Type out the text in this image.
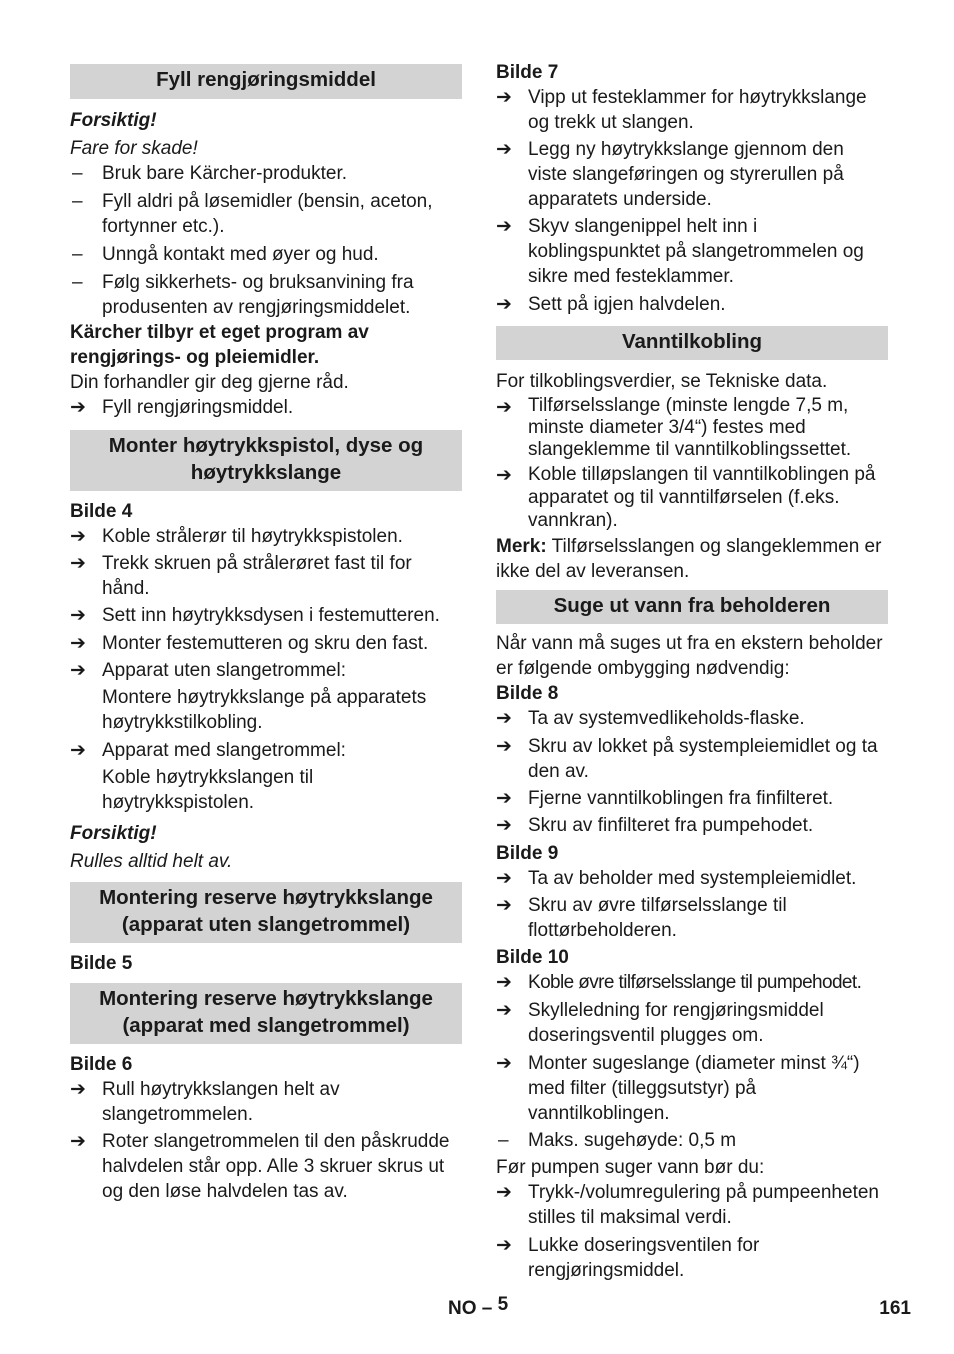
Fyll rengjøringsmiddel
Forsiktig!
Fare for skade!
–	Bruk bare Kärcher-produkter.
–	Fyll aldri på løsemidler (bensin, aceton, fortynner etc.).
–	Unngå kontakt med øyer og hud.
–	Følg sikkerhets- og bruksanvining fra produsenten av rengjøringsmiddelet.
Kärcher tilbyr et eget program av rengjørings- og pleiemidler.
Din forhandler gir deg gjerne råd.
➔ Fyll rengjøringsmiddel.
Monter høytrykkspistol, dyse og høytrykkslange
Bilde 4
➔ Koble strålerør til høytrykkspistolen.
➔ Trekk skruen på strålerøret fast til for hånd.
➔ Sett inn høytrykksdysen i festemutteren.
➔ Monter festemutteren og skru den fast.
➔ Apparat uten slangetrommel:
Montere høytrykkslange på apparatets høytrykkstilkobling.
➔ Apparat med slangetrommel:
Koble høytrykkslangen til høytrykkspistolen.
Forsiktig!
Rulles alltid helt av.
Montering reserve høytrykkslange (apparat uten slangetrommel)
Bilde 5
Montering reserve høytrykkslange (apparat med slangetrommel)
Bilde 6
➔ Rull høytrykkslangen helt av slangetrommelen.
➔ Roter slangetrommelen til den påskrudde halvdelen står opp. Alle 3 skruer skrus ut og den løse halvdelen tas av.
Bilde 7
➔ Vipp ut festeklammer for høytrykkslange og trekk ut slangen.
➔ Legg ny høytrykkslange gjennom den viste slangeføringen og styrerullen på apparatets underside.
➔ Skyv slangenippel helt inn i koblingspunktet på slangetrommelen og sikre med festeklammer.
➔ Sett på igjen halvdelen.
Vanntilkobling
For tilkoblingsverdier, se Tekniske data.
➔ Tilførselsslange (minste lengde 7,5 m, minste diameter 3/4“) festes med slangeklemme til vanntilkoblingssettet.
➔ Koble tilløpslangen til vanntilkoblingen på apparatet og til vanntilførselen (f.eks. vannkran).
Merk: Tilførselsslangen og slangeklemmen er ikke del av leveransen.
Suge ut vann fra beholderen
Når vann må suges ut fra en ekstern beholder er følgende ombygging nødvendig:
Bilde 8
➔ Ta av systemvedlikeholds-flaske.
➔ Skru av lokket på systempleiemidlet og ta den av.
➔ Fjerne vanntilkoblingen fra finfilteret.
➔ Skru av finfilteret fra pumpehodet.
Bilde 9
➔ Ta av beholder med systempleiemidlet.
➔ Skru av øvre tilførselsslange til flottørbeholderen.
Bilde 10
➔ Koble øvre tilførselsslange til pumpehodet.
➔ Skylleledning for rengjøringsmiddel doseringsventil plugges om.
➔ Monter sugeslange (diameter minst ¾“) med filter (tilleggsutstyr) på vanntilkoblingen.
–	Maks. sugehøyde: 0,5 m
Før pumpen suger vann bør du:
➔ Trykk-/volumregulering på pumpeenheten stilles til maksimal verdi.
➔ Lukke doseringsventilen for rengjøringsmiddel.
NO – 5	161
